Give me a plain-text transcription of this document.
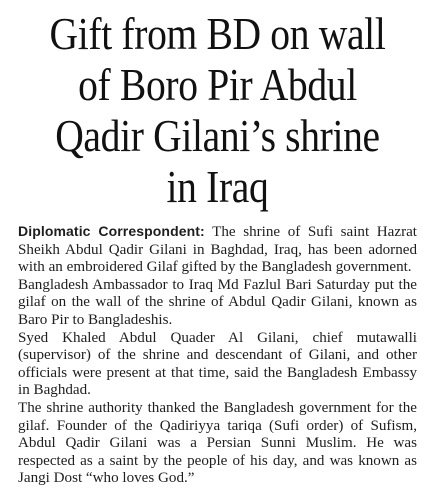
Gift from BD on wall of Boro Pir Abdul Qadir Gilani’s shrine in Iraq

Diplomatic Correspondent: The shrine of Sufi saint Hazrat Sheikh Abdul Qadir Gilani in Baghdad, Iraq, has been adorned with an embroidered Gilaf gifted by the Bangladesh government.

Bangladesh Ambassador to Iraq Md Fazlul Bari Saturday put the gilaf on the wall of the shrine of Abdul Qadir Gilani, known as Baro Pir to Bangladeshis.

Syed Khaled Abdul Quader Al Gilani, chief mutawalli (supervisor) of the shrine and descendant of Gilani, and other officials were present at that time, said the Bangladesh Embassy in Baghdad.

The shrine authority thanked the Bangladesh government for the gilaf. Founder of the Qadiriyya tariqa (Sufi order) of Sufism, Abdul Qadir Gilani was a Persian Sunni Muslim. He was respected as a saint by the people of his day, and was known as Jangi Dost “who loves God.”
